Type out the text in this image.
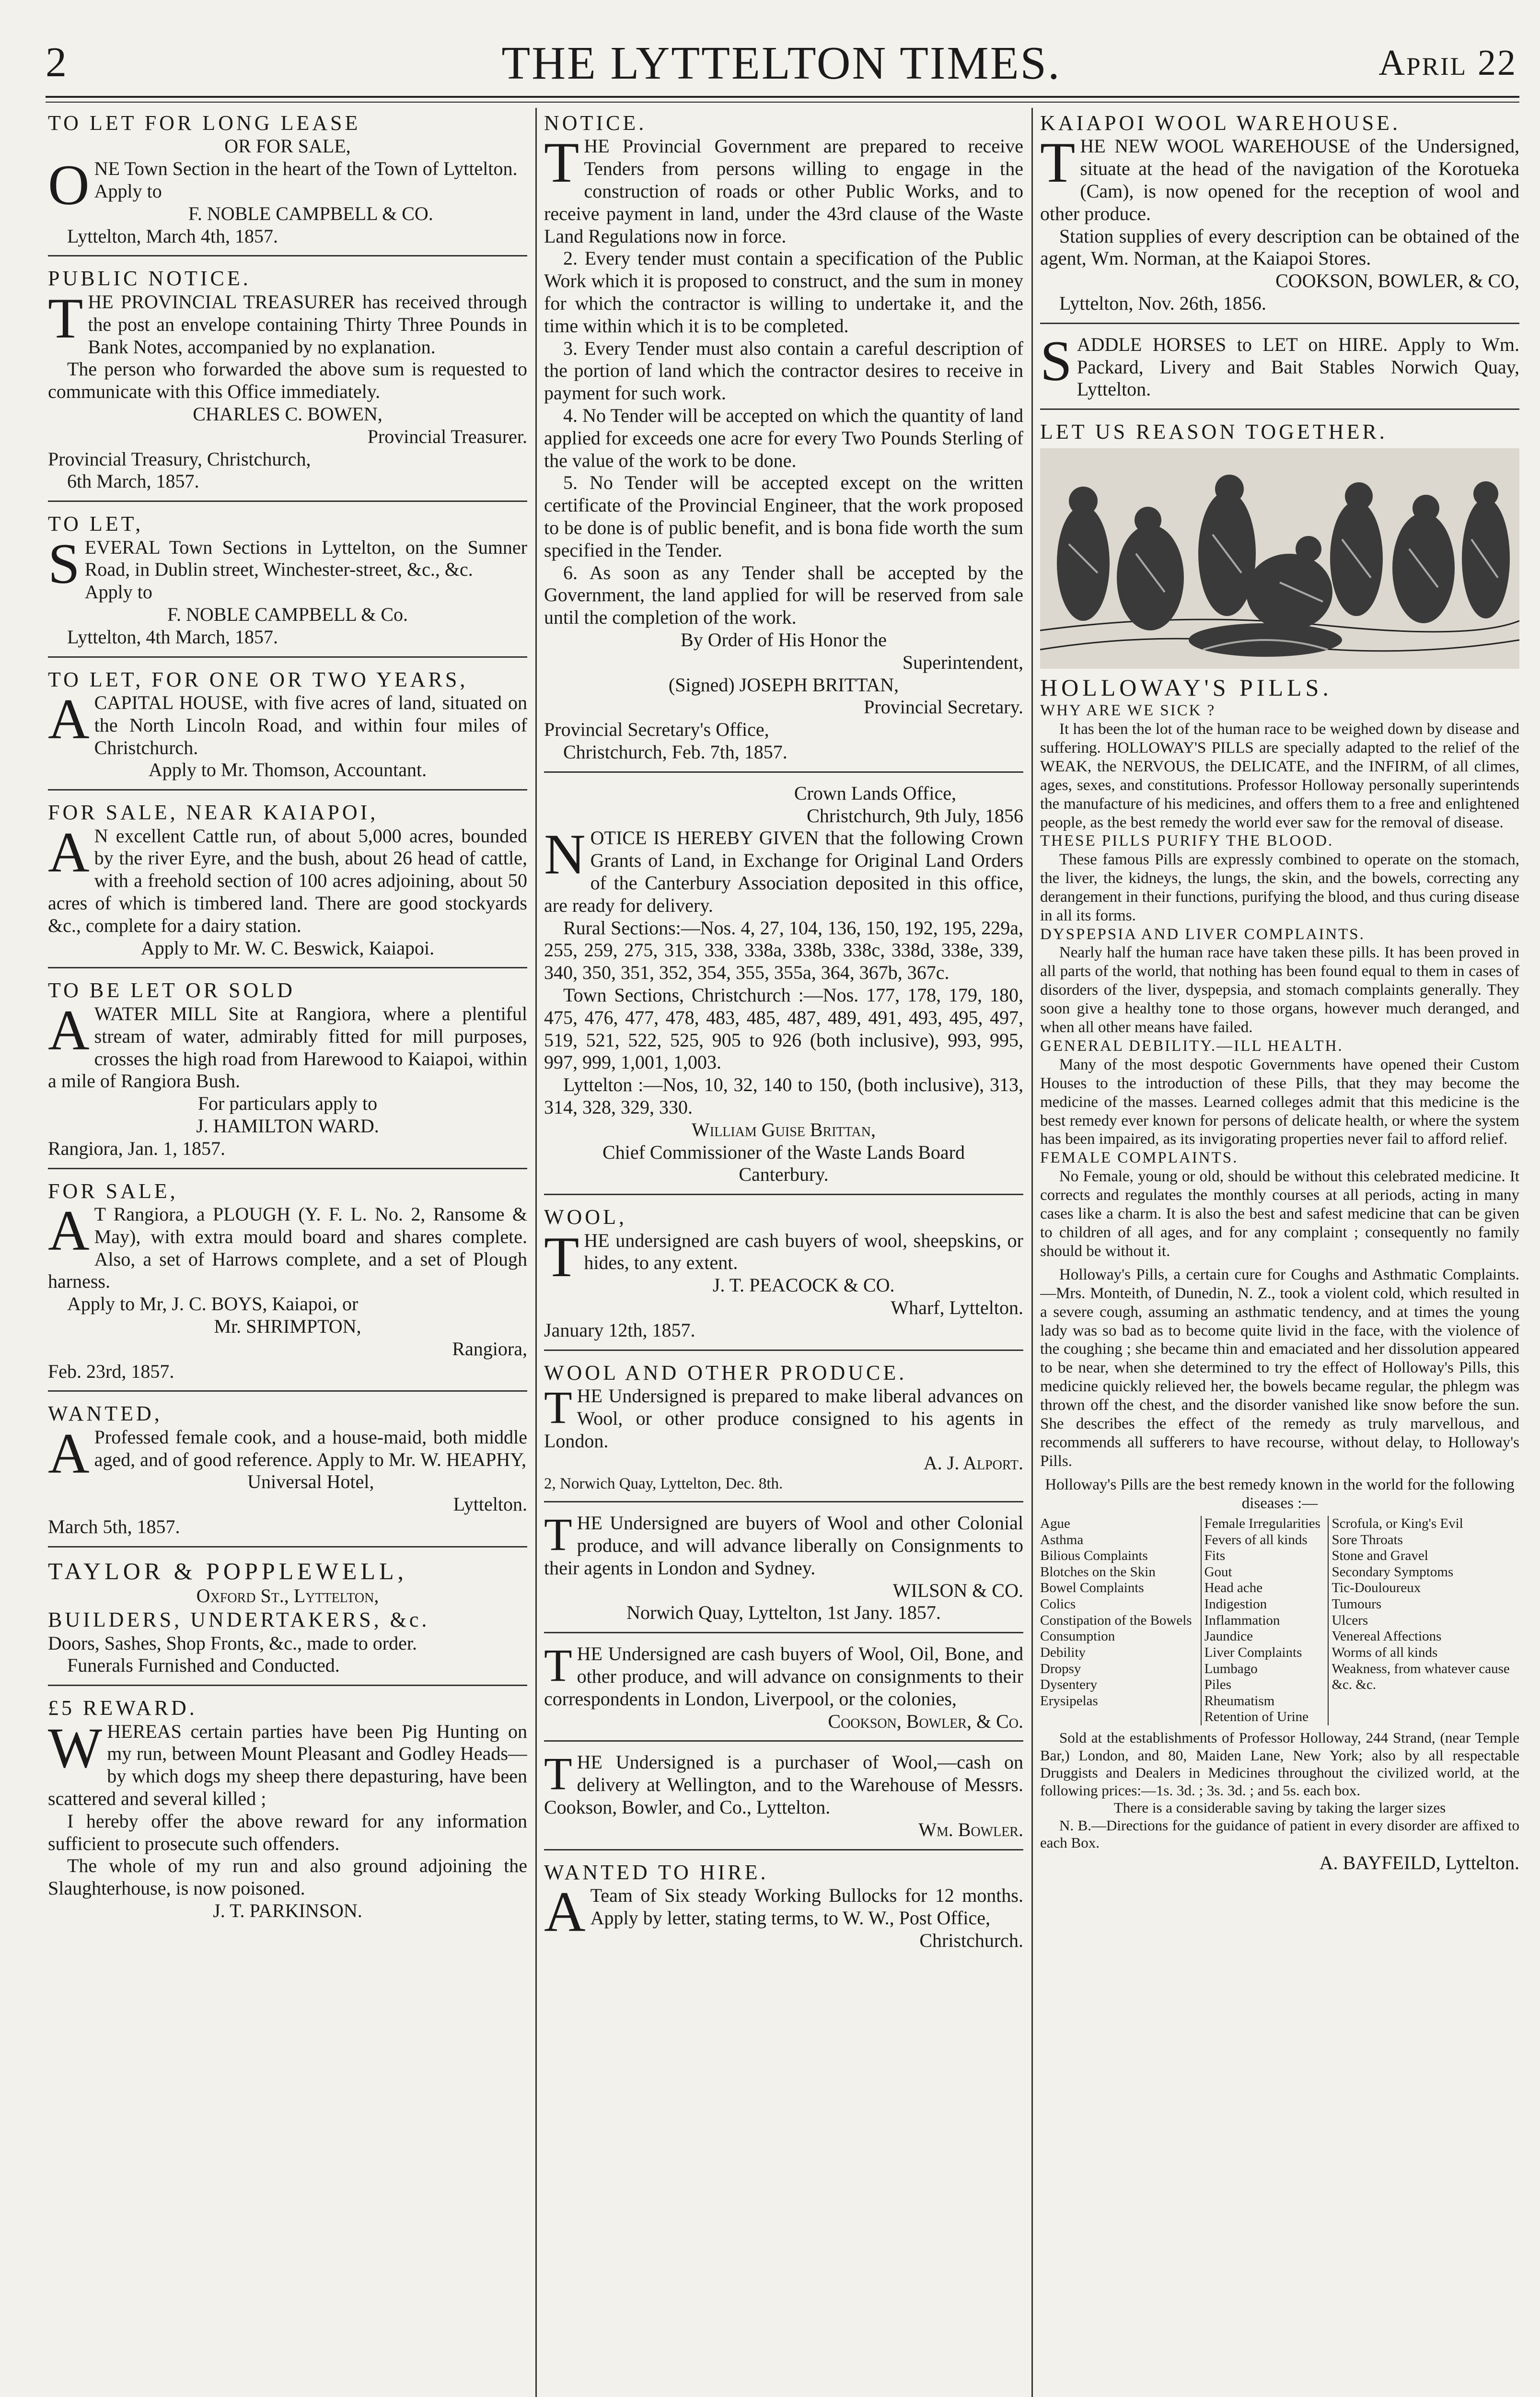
2	THE LYTTELTON TIMES.	April 22

TO LET FOR LONG LEASE

OR FOR SALE,

ONE Town Section in the heart of the Town of Lyttelton.

Apply to

F. NOBLE CAMPBELL & CO.

Lyttelton, March 4th, 1857.

PUBLIC NOTICE.

THE PROVINCIAL TREASURER has received through the post an envelope containing Thirty Three Pounds in Bank Notes, accompanied by no explanation.

The person who forwarded the above sum is requested to communicate with this Office immediately.

CHARLES C. BOWEN,

Provincial Treasurer.

Provincial Treasury, Christchurch,

6th March, 1857.

TO LET,

SEVERAL Town Sections in Lyttelton, on the Sumner Road, in Dublin street, Winchester-street, &c., &c.

Apply to

F. NOBLE CAMPBELL & Co.

Lyttelton, 4th March, 1857.

TO LET, FOR ONE OR TWO YEARS,

ACAPITAL HOUSE, with five acres of land, situated on the North Lincoln Road, and within four miles of Christchurch.

Apply to Mr. Thomson, Accountant.

FOR SALE, NEAR KAIAPOI,

A N excellent Cattle run, of about 5,000 acres, bounded by the river Eyre, and the bush, about 26 head of cattle, with a freehold section of 100 acres adjoining, about 50 acres of which is timbered land. There are good stockyards &c., complete for a dairy station.

Apply to Mr. W. C. Beswick, Kaiapoi.

TO BE LET OR SOLD

AWATER MILL Site at Rangiora, where a plentiful stream of water, admirably fitted for mill purposes, crosses the high road from Harewood to Kaiapoi, within a mile of Rangiora Bush.

For particulars apply to

J. HAMILTON WARD.

Rangiora, Jan. 1, 1857.

FOR SALE,

A T Rangiora, a PLOUGH (Y. F. L. No. 2, Ransome & May), with extra mould board and shares complete. Also, a set of Harrows complete, and a set of Plough harness.

Apply to Mr, J. C. BOYS, Kaiapoi, or

Mr. SHRIMPTON,

Rangiora,

Feb. 23rd, 1857.

WANTED,

A Professed female cook, and a house-maid, both middle aged, and of good reference. Apply to Mr. W. HEAPHY,

Universal Hotel,

Lyttelton.

March 5th, 1857.

TAYLOR & POPPLEWELL,

Oxford St., Lyttelton,

BUILDERS, UNDERTAKERS, &c.

Doors, Sashes, Shop Fronts, &c., made to order.

Funerals Furnished and Conducted.

£5 REWARD.

WHEREAS certain parties have been Pig Hunting on my run, between Mount Pleasant and Godley Heads—by which dogs my sheep there depasturing, have been scattered and several killed ;

I hereby offer the above reward for any information sufficient to prosecute such offenders.

The whole of my run and also ground adjoining the Slaughterhouse, is now poisoned.

J. T. PARKINSON.

NOTICE.

THE Provincial Government are prepared to receive Tenders from persons willing to engage in the construction of roads or other Public Works, and to receive payment in land, under the 43rd clause of the Waste Land Regulations now in force.

2. Every tender must contain a specification of the Public Work which it is proposed to construct, and the sum in money for which the contractor is willing to undertake it, and the time within which it is to be completed.

3. Every Tender must also contain a careful description of the portion of land which the contractor desires to receive in payment for such work.

4. No Tender will be accepted on which the quantity of land applied for exceeds one acre for every Two Pounds Sterling of the value of the work to be done.

5. No Tender will be accepted except on the written certificate of the Provincial Engineer, that the work proposed to be done is of public benefit, and is bona fide worth the sum specified in the Tender.

6. As soon as any Tender shall be accepted by the Government, the land applied for will be reserved from sale until the completion of the work.

By Order of His Honor the

Superintendent,

(Signed) JOSEPH BRITTAN,

Provincial Secretary.

Provincial Secretary's Office,

Christchurch, Feb. 7th, 1857.

Crown Lands Office,

Christchurch, 9th July, 1856

NOTICE IS HEREBY GIVEN that the following Crown Grants of Land, in Exchange for Original Land Orders of the Canterbury Association deposited in this office, are ready for delivery.

Rural Sections:—Nos. 4, 27, 104, 136, 150, 192, 195, 229a, 255, 259, 275, 315, 338, 338a, 338b, 338c, 338d, 338e, 339, 340, 350, 351, 352, 354, 355, 355a, 364, 367b, 367c.

Town Sections, Christchurch :—Nos. 177, 178, 179, 180, 475, 476, 477, 478, 483, 485, 487, 489, 491, 493, 495, 497, 519, 521, 522, 525, 905 to 926 (both inclusive), 993, 995, 997, 999, 1,001, 1,003.

Lyttelton :—Nos, 10, 32, 140 to 150, (both inclusive), 313, 314, 328, 329, 330.

William Guise Brittan,

Chief Commissioner of the Waste Lands Board

Canterbury.

WOOL,

THE undersigned are cash buyers of wool, sheepskins, or hides, to any extent.

J. T. PEACOCK & CO.

Wharf, Lyttelton.

January 12th, 1857.

WOOL AND OTHER PRODUCE.

THE Undersigned is prepared to make liberal advances on Wool, or other produce consigned to his agents in London.

A. J. Alport.

2, Norwich Quay, Lyttelton, Dec. 8th.

THE Undersigned are buyers of Wool and other Colonial produce, and will advance liberally on Consignments to their agents in London and Sydney.

WILSON & CO.

Norwich Quay, Lyttelton, 1st Jany. 1857.

THE Undersigned are cash buyers of Wool, Oil, Bone, and other produce, and will advance on consignments to their correspondents in London, Liverpool, or the colonies,

Cookson, Bowler, & Co.

THE Undersigned is a purchaser of Wool,—cash on delivery at Wellington, and to the Warehouse of Messrs. Cookson, Bowler, and Co., Lyttelton.

Wm. Bowler.

WANTED TO HIRE.

A Team of Six steady Working Bullocks for 12 months. Apply by letter, stating terms, to W. W., Post Office,

Christchurch.

KAIAPOI WOOL WAREHOUSE.

THE NEW WOOL WAREHOUSE of the Undersigned, situate at the head of the navigation of the Korotueka (Cam), is now opened for the reception of wool and other produce.

Station supplies of every description can be obtained of the agent, Wm. Norman, at the Kaiapoi Stores.

COOKSON, BOWLER, & CO,

Lyttelton, Nov. 26th, 1856.

SADDLE HORSES to LET on HIRE. Apply to Wm. Packard, Livery and Bait Stables Norwich Quay, Lyttelton.

LET US REASON TOGETHER.

HOLLOWAY'S PILLS.

WHY ARE WE SICK ?

It has been the lot of the human race to be weighed down by disease and suffering. HOLLOWAY'S PILLS are specially adapted to the relief of the WEAK, the NERVOUS, the DELICATE, and the INFIRM, of all climes, ages, sexes, and constitutions. Professor Holloway personally superintends the manufacture of his medicines, and offers them to a free and enlightened people, as the best remedy the world ever saw for the removal of disease.

THESE PILLS PURIFY THE BLOOD.

These famous Pills are expressly combined to operate on the stomach, the liver, the kidneys, the lungs, the skin, and the bowels, correcting any derangement in their functions, purifying the blood, and thus curing disease in all its forms.

DYSPEPSIA AND LIVER COMPLAINTS.

Nearly half the human race have taken these pills. It has been proved in all parts of the world, that nothing has been found equal to them in cases of disorders of the liver, dyspepsia, and stomach complaints generally. They soon give a healthy tone to those organs, however much deranged, and when all other means have failed.

GENERAL DEBILITY.—ILL HEALTH.

Many of the most despotic Governments have opened their Custom Houses to the introduction of these Pills, that they may become the medicine of the masses. Learned colleges admit that this medicine is the best remedy ever known for persons of delicate health, or where the system has been impaired, as its invigorating properties never fail to afford relief.

FEMALE COMPLAINTS.

No Female, young or old, should be without this celebrated medicine. It corrects and regulates the monthly courses at all periods, acting in many cases like a charm. It is also the best and safest medicine that can be given to children of all ages, and for any complaint ; consequently no family should be without it.

Holloway's Pills, a certain cure for Coughs and Asthmatic Complaints.—Mrs. Monteith, of Dunedin, N. Z., took a violent cold, which resulted in a severe cough, assuming an asthmatic tendency, and at times the young lady was so bad as to become quite livid in the face, with the violence of the coughing ; she became thin and emaciated and her dissolution appeared to be near, when she determined to try the effect of Holloway's Pills, this medicine quickly relieved her, the bowels became regular, the phlegm was thrown off the chest, and the disorder vanished like snow before the sun. She describes the effect of the remedy as truly marvellous, and recommends all sufferers to have recourse, without delay, to Holloway's Pills.

Holloway's Pills are the best remedy known in the world for the following diseases :—

Ague
Asthma
Bilious Complaints
Blotches on the Skin
Bowel Complaints
Colics
Constipation of the Bowels
Consumption
Debility
Dropsy
Dysentery
Erysipelas

Female Irregularities
Fevers of all kinds
Fits
Gout
Head ache
Indigestion
Inflammation
Jaundice
Liver Complaints
Lumbago
Piles
Rheumatism
Retention of Urine

Scrofula, or King's Evil
Sore Throats
Stone and Gravel
Secondary Symptoms
Tic-Douloureux
Tumours
Ulcers
Venereal Affections
Worms of all kinds
Weakness, from whatever cause
&c. &c.

Sold at the establishments of Professor Holloway, 244 Strand, (near Temple Bar,) London, and 80, Maiden Lane, New York; also by all respectable Druggists and Dealers in Medicines throughout the civilized world, at the following prices:—1s. 3d. ; 3s. 3d. ; and 5s. each box.

There is a considerable saving by taking the larger sizes

N. B.—Directions for the guidance of patient in every disorder are affixed to each Box.

A. BAYFEILD, Lyttelton.
